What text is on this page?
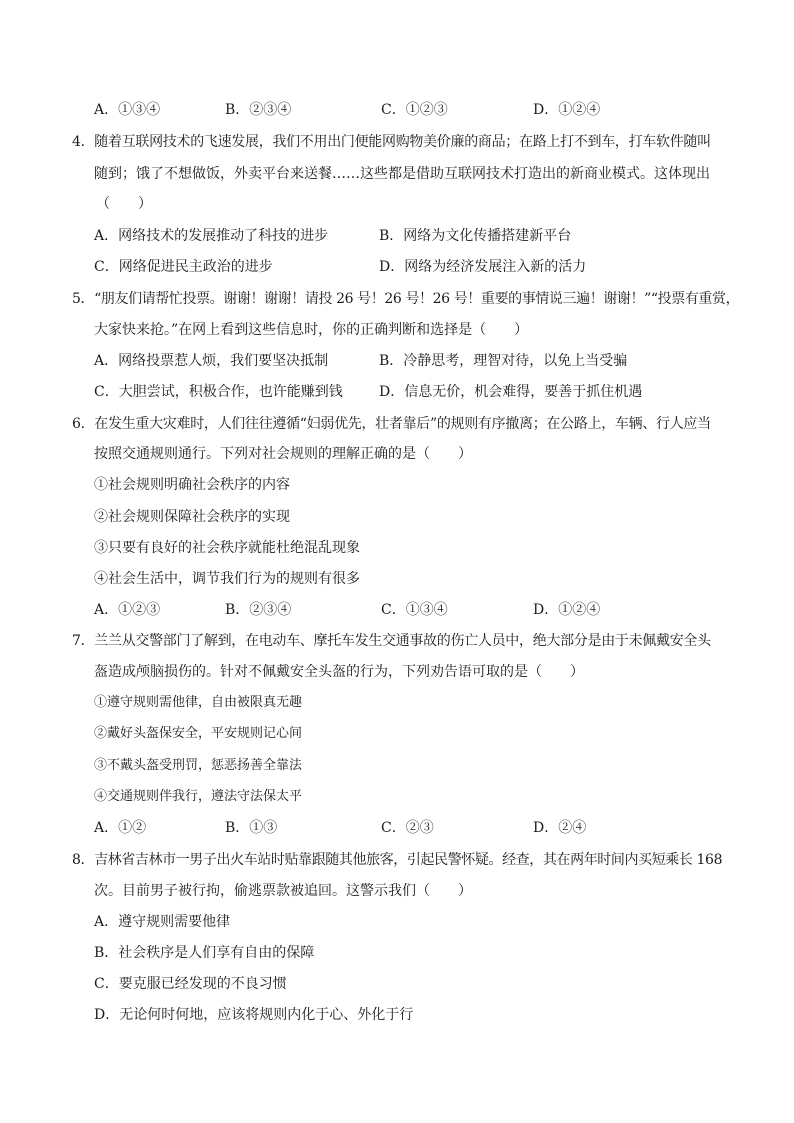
A．①③④	B．②③④	C．①②③	D．①②④
4．随着互联网技术的飞速发展，我们不用出门便能网购物美价廉的商品；在路上打不到车，打车软件随叫
随到；饿了不想做饭，外卖平台来送餐……这些都是借助互联网技术打造出的新商业模式。这体现出
（　　）
A．网络技术的发展推动了科技的进步	B．网络为文化传播搭建新平台
C．网络促进民主政治的进步	D．网络为经济发展注入新的活力
5．“朋友们请帮忙投票。谢谢！谢谢！请投 26 号！26 号！26 号！重要的事情说三遍！谢谢！”“投票有重赏，
大家快来抢。”在网上看到这些信息时，你的正确判断和选择是（　　）
A．网络投票惹人烦，我们要坚决抵制	B．冷静思考，理智对待，以免上当受骗
C．大胆尝试，积极合作，也许能赚到钱	D．信息无价，机会难得，要善于抓住机遇
6．在发生重大灾难时，人们往往遵循“妇弱优先，壮者靠后”的规则有序撤离；在公路上，车辆、行人应当
按照交通规则通行。下列对社会规则的理解正确的是（　　）
①社会规则明确社会秩序的内容
②社会规则保障社会秩序的实现
③只要有良好的社会秩序就能杜绝混乱现象
④社会生活中，调节我们行为的规则有很多
A．①②③	B．②③④	C．①③④	D．①②④
7．兰兰从交警部门了解到，在电动车、摩托车发生交通事故的伤亡人员中，绝大部分是由于未佩戴安全头
盔造成颅脑损伤的。针对不佩戴安全头盔的行为，下列劝告语可取的是（　　）
①遵守规则需他律，自由被限真无趣
②戴好头盔保安全，平安规则记心间
③不戴头盔受刑罚，惩恶扬善全靠法
④交通规则伴我行，遵法守法保太平
A．①②	B．①③	C．②③	D．②④
8．吉林省吉林市一男子出火车站时贴靠跟随其他旅客，引起民警怀疑。经查，其在两年时间内买短乘长 168
次。目前男子被行拘，偷逃票款被追回。这警示我们（　　）
A．遵守规则需要他律
B．社会秩序是人们享有自由的保障
C．要克服已经发现的不良习惯
D．无论何时何地，应该将规则内化于心、外化于行
